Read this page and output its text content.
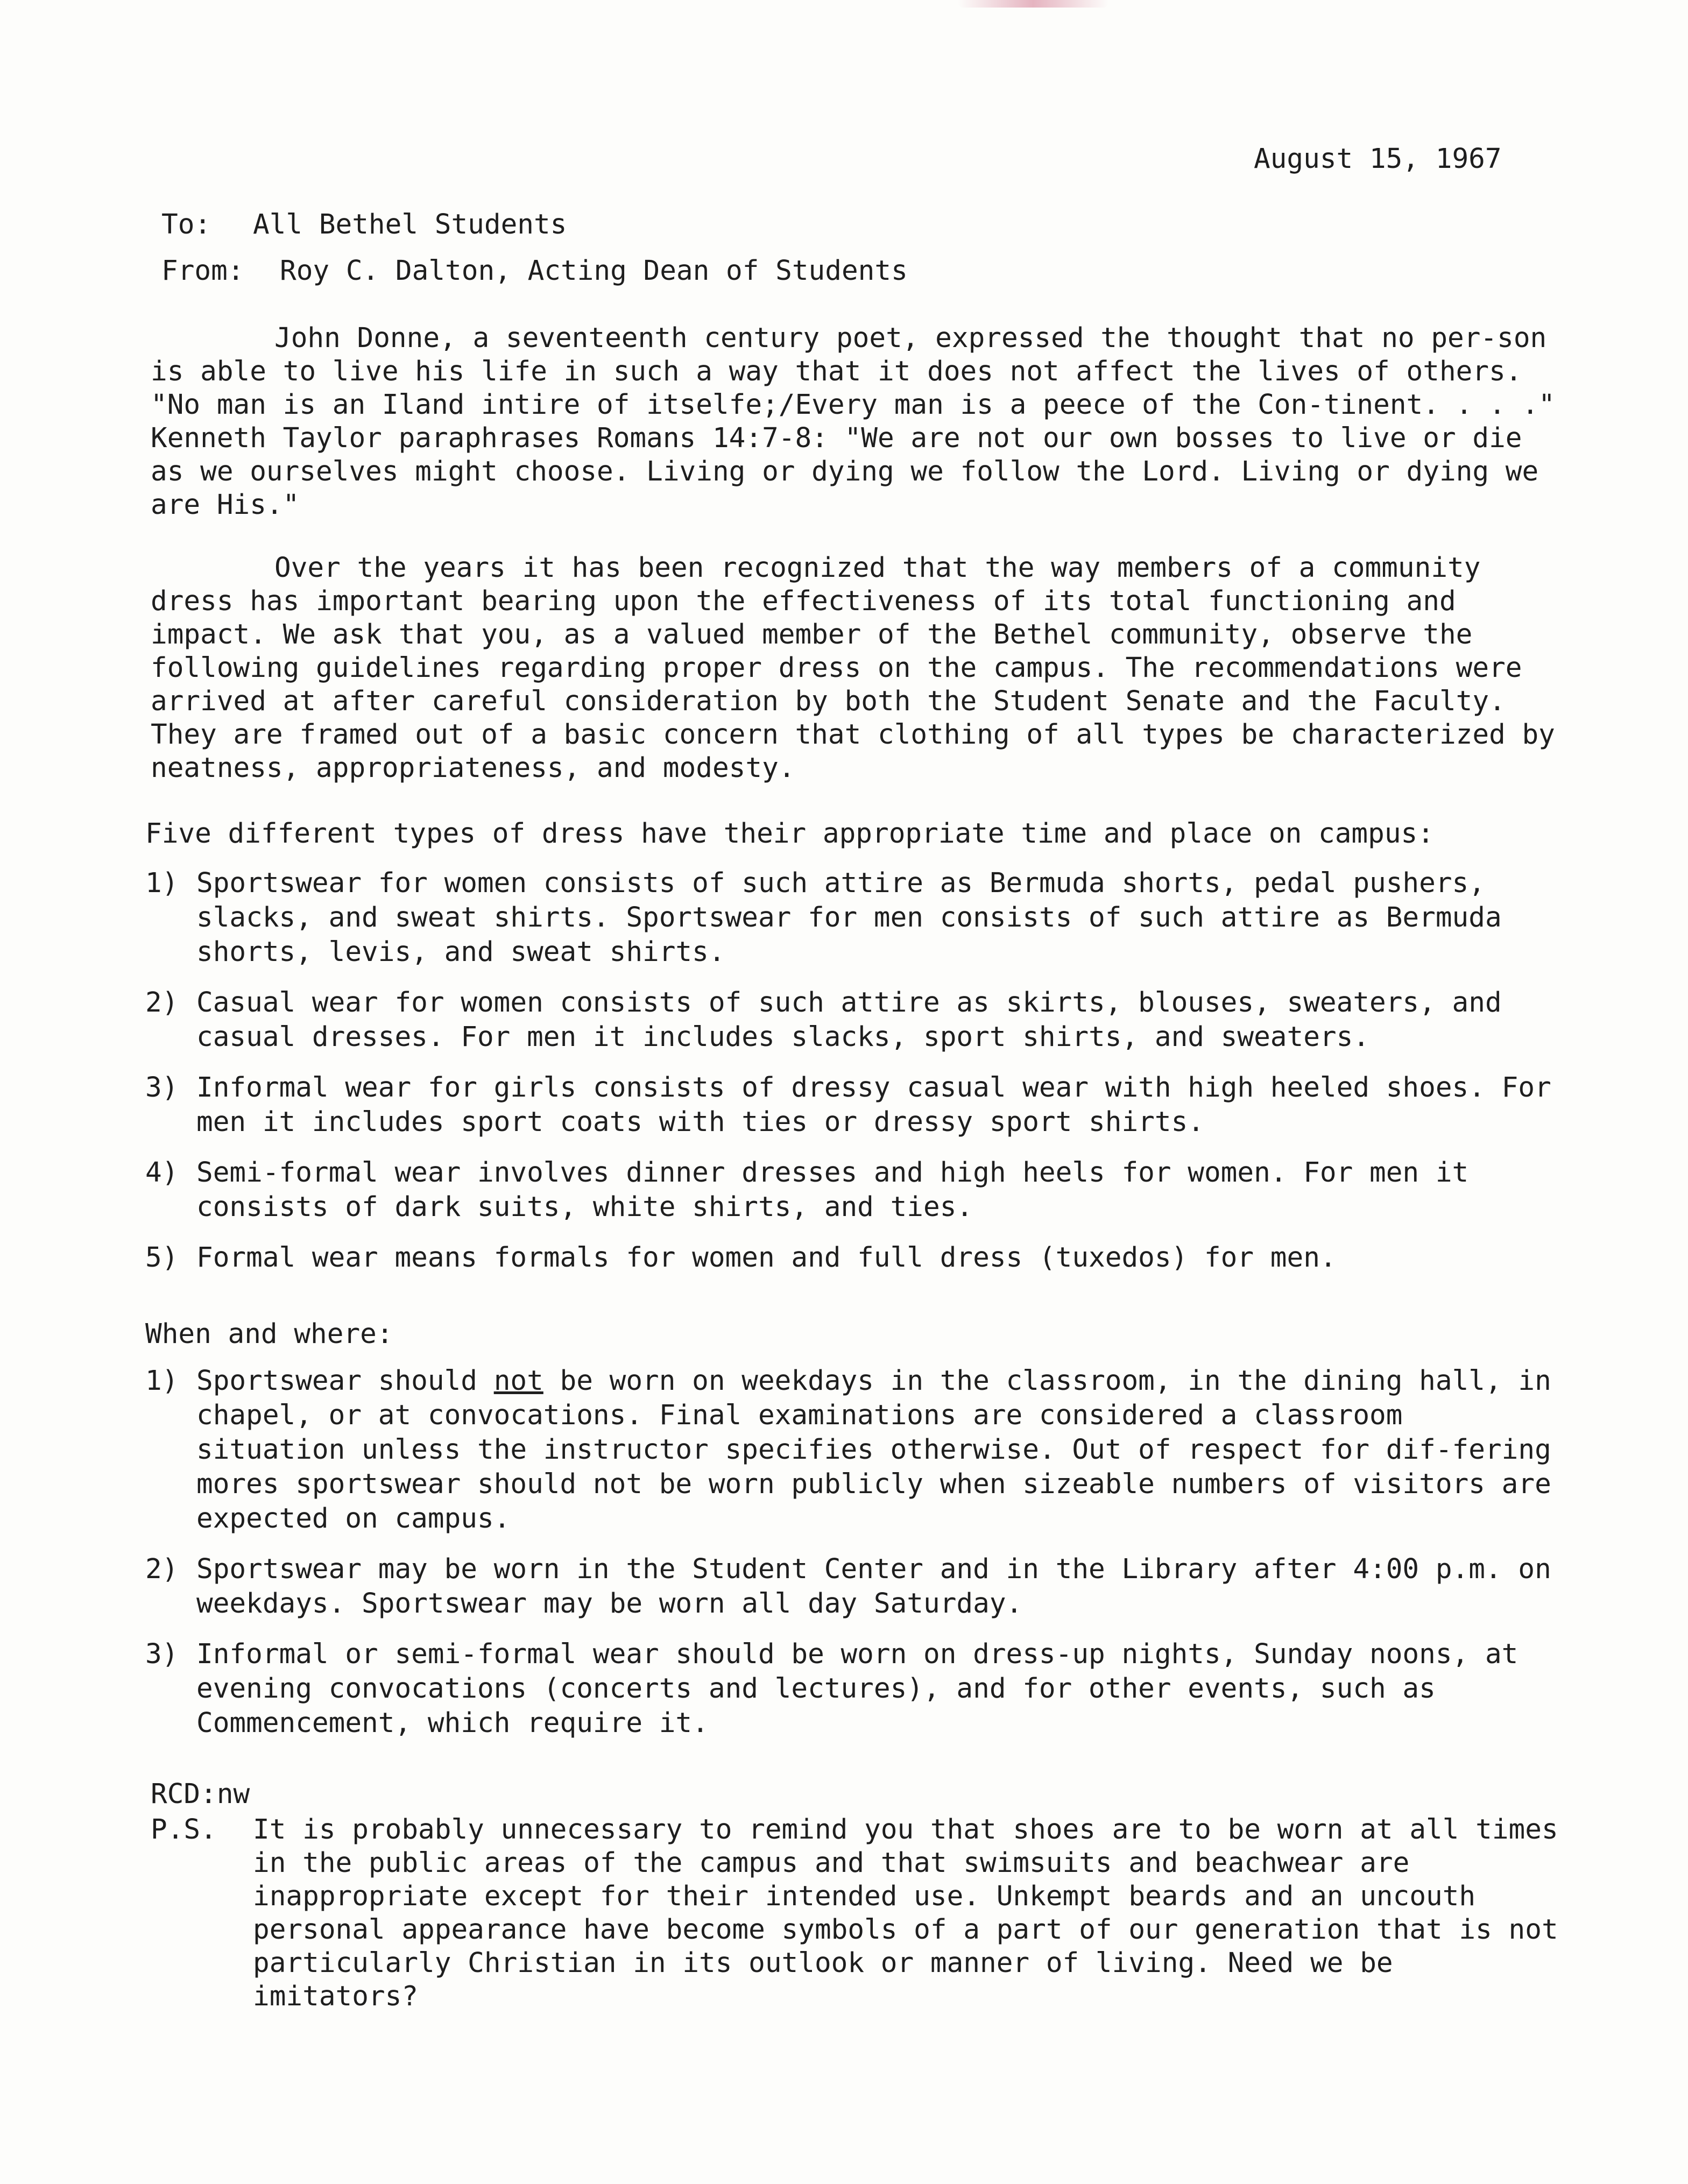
August 15, 1967
To: All Bethel Students
From: Roy C. Dalton, Acting Dean of Students

John Donne, a seventeenth century poet, expressed the thought that no per-son is able to live his life in such a way that it does not affect the lives of others. "No man is an Iland intire of itselfe;/Every man is a peece of the Con-tinent. . . ." Kenneth Taylor paraphrases Romans 14:7-8: "We are not our own bosses to live or die as we ourselves might choose. Living or dying we follow the Lord. Living or dying we are His."

Over the years it has been recognized that the way members of a community dress has important bearing upon the effectiveness of its total functioning and impact. We ask that you, as a valued member of the Bethel community, observe the following guidelines regarding proper dress on the campus. The recommendations were arrived at after careful consideration by both the Student Senate and the Faculty. They are framed out of a basic concern that clothing of all types be characterized by neatness, appropriateness, and modesty.

Five different types of dress have their appropriate time and place on campus:
1) Sportswear for women consists of such attire as Bermuda shorts, pedal pushers, slacks, and sweat shirts. Sportswear for men consists of such attire as Bermuda shorts, levis, and sweat shirts.
2) Casual wear for women consists of such attire as skirts, blouses, sweaters, and casual dresses. For men it includes slacks, sport shirts, and sweaters.
3) Informal wear for girls consists of dressy casual wear with high heeled shoes. For men it includes sport coats with ties or dressy sport shirts.
4) Semi-formal wear involves dinner dresses and high heels for women. For men it consists of dark suits, white shirts, and ties.
5) Formal wear means formals for women and full dress (tuxedos) for men.
When and where:
1) Sportswear should not be worn on weekdays in the classroom, in the dining hall, in chapel, or at convocations. Final examinations are considered a classroom situation unless the instructor specifies otherwise. Out of respect for dif-fering mores sportswear should not be worn publicly when sizeable numbers of visitors are expected on campus.
2) Sportswear may be worn in the Student Center and in the Library after 4:00 p.m. on weekdays. Sportswear may be worn all day Saturday.
3) Informal or semi-formal wear should be worn on dress-up nights, Sunday noons, at evening convocations (concerts and lectures), and for other events, such as Commencement, which require it.
RCD:nw
P.S. It is probably unnecessary to remind you that shoes are to be worn at all times in the public areas of the campus and that swimsuits and beachwear are inappropriate except for their intended use. Unkempt beards and an uncouth personal appearance have become symbols of a part of our generation that is not particularly Christian in its outlook or manner of living. Need we be imitators?
